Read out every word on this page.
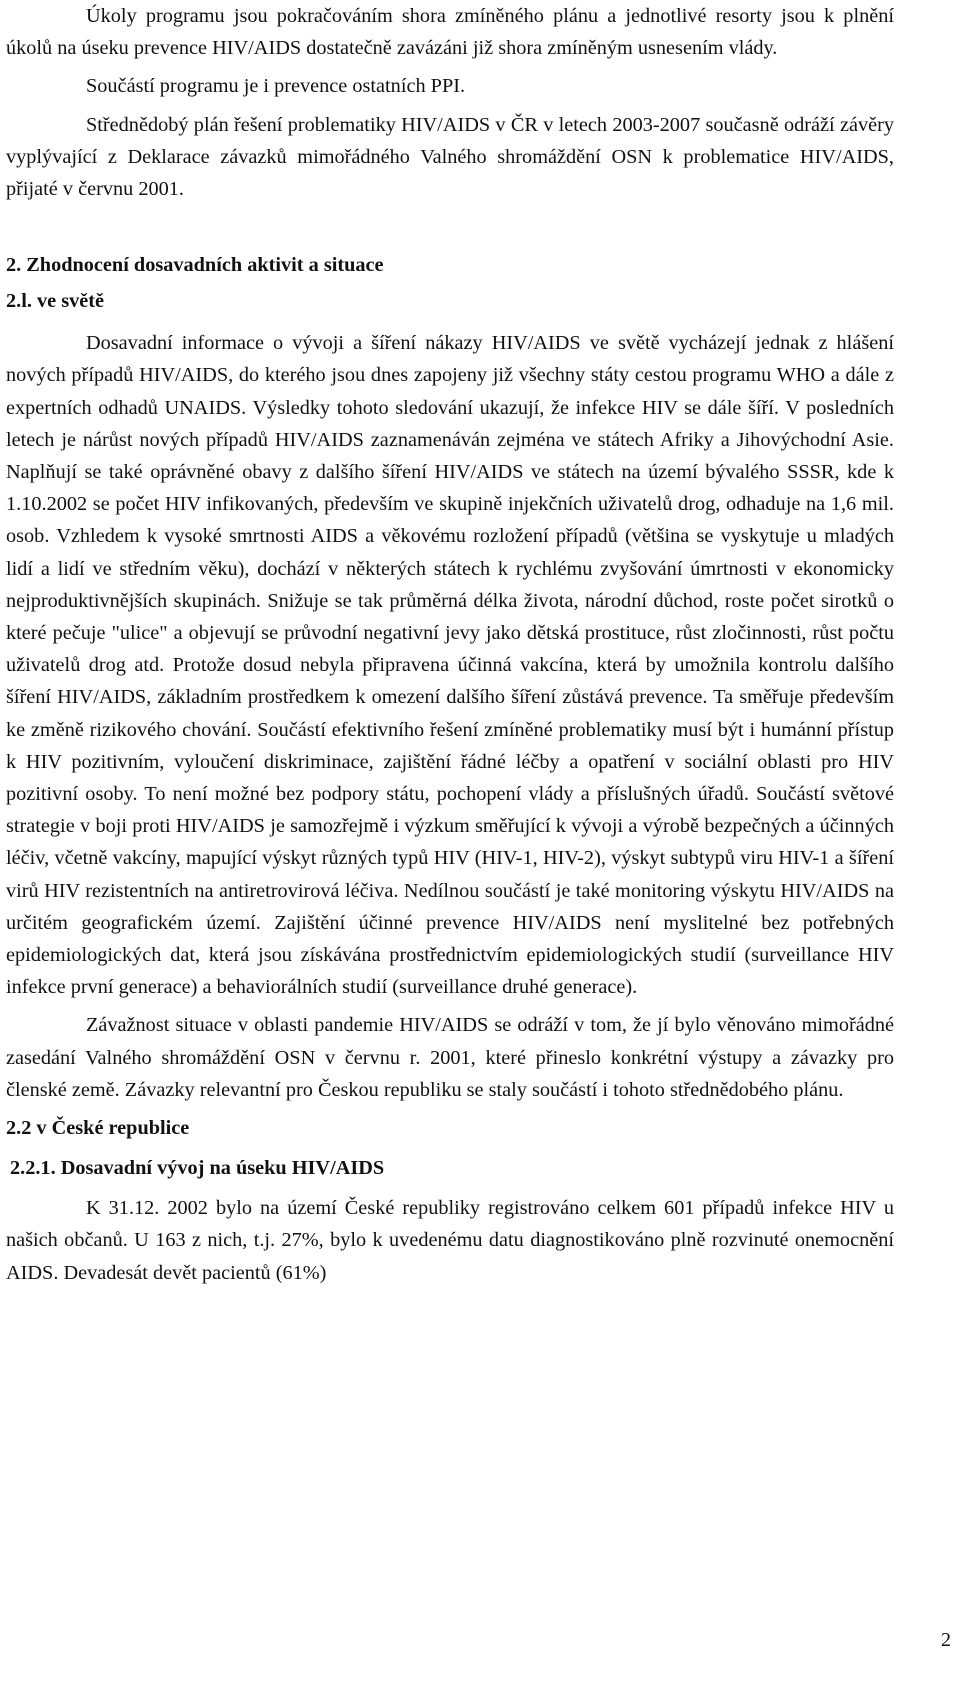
Úkoly programu jsou pokračováním shora zmíněného plánu a jednotlivé resorty jsou k plnění úkolů na úseku prevence HIV/AIDS dostatečně zavázáni již shora zmíněným usnesením vlády.

Součástí programu je i prevence ostatních PPI.

Střednědobý plán řešení problematiky HIV/AIDS v ČR v letech 2003-2007 současně odráží závěry vyplývající z Deklarace závazků mimořádného Valného shromáždění OSN k problematice HIV/AIDS, přijaté v červnu 2001.

2. Zhodnocení dosavadních aktivit a situace
2.l. ve světě

Dosavadní informace o vývoji a šíření nákazy HIV/AIDS ve světě vycházejí jednak z hlášení nových případů HIV/AIDS, do kterého jsou dnes zapojeny již všechny státy cestou programu WHO a dále z expertních odhadů UNAIDS. Výsledky tohoto sledování ukazují, že infekce HIV se dále šíří. V posledních letech je nárůst nových případů HIV/AIDS zaznamenáván zejména ve státech Afriky a Jihovýchodní Asie. Naplňují se také oprávněné obavy z dalšího šíření HIV/AIDS ve státech na území bývalého SSSR, kde k 1.10.2002 se počet HIV infikovaných, především ve skupině injekčních uživatelů drog, odhaduje na 1,6 mil. osob. Vzhledem k vysoké smrtnosti AIDS a věkovému rozložení případů (většina se vyskytuje u mladých lidí a lidí ve středním věku), dochází v některých státech k rychlému zvyšování úmrtnosti v ekonomicky nejproduktivnějších skupinách. Snižuje se tak průměrná délka života, národní důchod, roste počet sirotků o které pečuje "ulice" a objevují se průvodní negativní jevy jako dětská prostituce, růst zločinnosti, růst počtu uživatelů drog atd. Protože dosud nebyla připravena účinná vakcína, která by umožnila kontrolu dalšího šíření HIV/AIDS, základním prostředkem k omezení dalšího šíření zůstává prevence. Ta směřuje především ke změně rizikového chování. Součástí efektivního řešení zmíněné problematiky musí být i humánní přístup k HIV pozitivním, vyloučení diskriminace, zajištění řádné léčby a opatření v sociální oblasti pro HIV pozitivní osoby. To není možné bez podpory státu, pochopení vlády a příslušných úřadů. Součástí světové strategie v boji proti HIV/AIDS je samozřejmě i výzkum směřující k vývoji a výrobě bezpečných a účinných léčiv, včetně vakcíny, mapující výskyt různých typů HIV (HIV-1, HIV-2), výskyt subtypů viru HIV-1 a šíření virů HIV rezistentních na antiretrovirová léčiva. Nedílnou součástí je také monitoring výskytu HIV/AIDS na určitém geografickém území. Zajištění účinné prevence HIV/AIDS není myslitelné bez potřebných epidemiologických dat, která jsou získávána prostřednictvím epidemiologických studií (surveillance HIV infekce první generace) a behaviorálních studií (surveillance druhé generace).

Závažnost situace v oblasti pandemie HIV/AIDS se odráží v tom, že jí bylo věnováno mimořádné zasedání Valného shromáždění OSN v červnu r. 2001, které přineslo konkrétní výstupy a závazky pro členské země. Závazky relevantní pro Českou republiku se staly součástí i tohoto střednědobého plánu.

2.2 v České republice
2.2.1. Dosavadní vývoj na úseku HIV/AIDS

K 31.12. 2002 bylo na území České republiky registrováno celkem 601 případů infekce HIV u našich občanů. U 163 z nich, t.j. 27%, bylo k uvedenému datu diagnostikováno plně rozvinuté onemocnění AIDS. Devadesát devět pacientů (61%)

2
